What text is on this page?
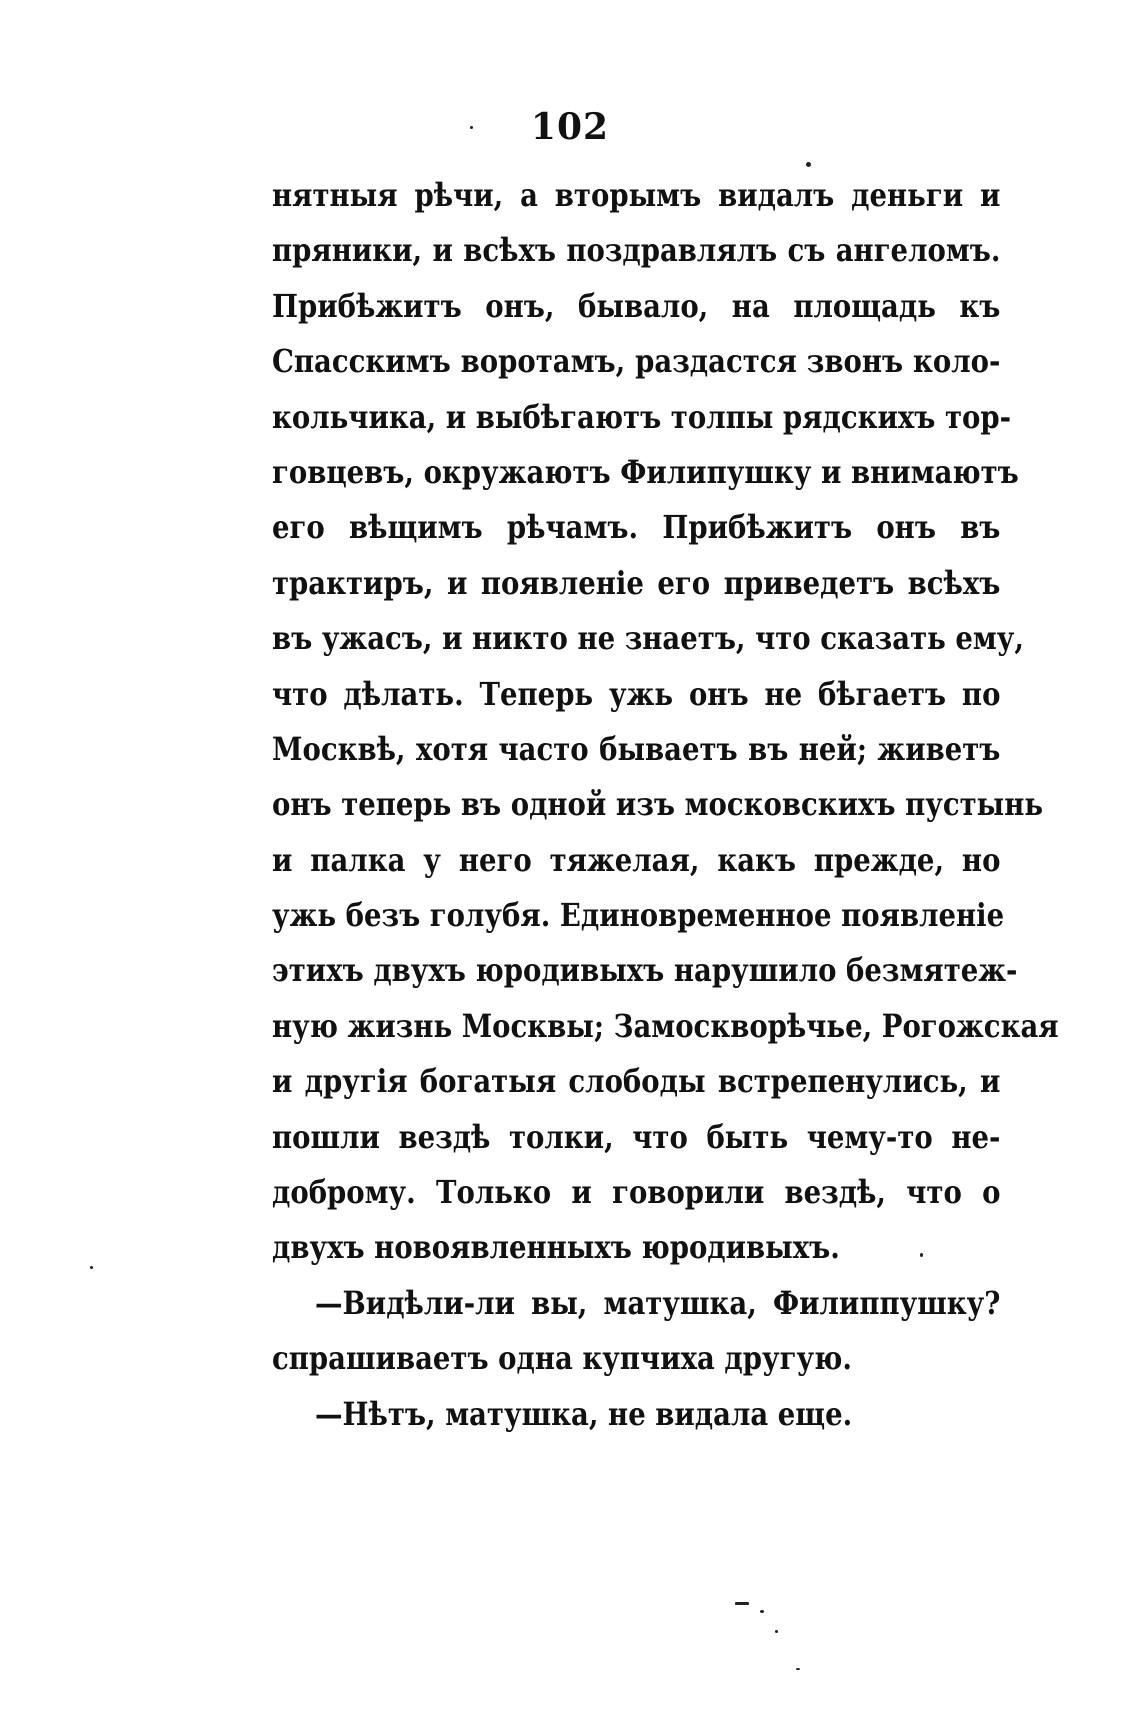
102
нятныя рѣчи, а вторымъ видалъ деньги и
пряники, и всѣхъ поздравлялъ съ ангеломъ.
Прибѣжитъ онъ, бывало, на площадь къ
Спасскимъ воротамъ, раздастся звонъ коло-
кольчика, и выбѣгаютъ толпы рядскихъ тор-
говцевъ, окружаютъ Филипушку и внимаютъ
его вѣщимъ рѣчамъ. Прибѣжитъ онъ въ
трактиръ, и появленіе его приведетъ всѣхъ
въ ужасъ, и никто не знаетъ, что сказать ему,
что дѣлать. Теперь ужь онъ не бѣгаетъ по
Москвѣ, хотя часто бываетъ въ ней; живетъ
онъ теперь въ одной изъ московскихъ пустынь
и палка у него тяжелая, какъ прежде, но
ужь безъ голубя. Единовременное появленіе
этихъ двухъ юродивыхъ нарушило безмятеж-
ную жизнь Москвы; Замоскворѣчье, Рогожская
и другія богатыя слободы встрепенулись, и
пошли вездѣ толки, что быть чему-то не-
доброму. Только и говорили вездѣ, что о
двухъ новоявленныхъ юродивыхъ.
—Видѣли-ли вы, матушка, Филиппушку?
спрашиваетъ одна купчиха другую.
—Нѣтъ, матушка, не видала еще.
